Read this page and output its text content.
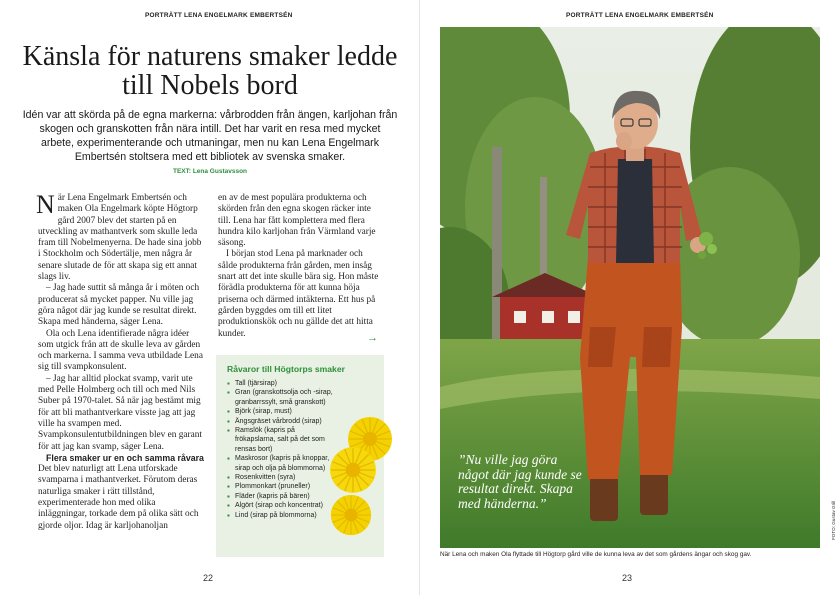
PORTRÄTT LENA ENGELMARK EMBERTSÉN
Känsla för naturens smaker ledde till Nobels bord

Idén var att skörda på de egna markerna: vårbrodden från ängen, karljohan från skogen och granskotten från nära intill. Det har varit en resa med mycket arbete, experimenterande och utmaningar, men nu kan Lena Engelmark Embertsén stoltsera med ett bibliotek av svenska smaker.

TEXT: Lena Gustavsson

När Lena Engelmark Embertsén och maken Ola Engelmark köpte Högtorp gård 2007 blev det starten på en utveckling av mathantverk som skulle leda fram till Nobelmenyerna. De hade sina jobb i Stockholm och Södertälje, men några år senare slutade de för att skapa sig ett annat slags liv.

– Jag hade suttit så många år i möten och producerat så mycket papper. Nu ville jag göra något där jag kunde se resultat direkt. Skapa med händerna, säger Lena.

Ola och Lena identifierade några idéer som utgick från att de skulle leva av gården och markerna. I samma veva utbildade Lena sig till svampkonsulent.

– Jag har alltid plockat svamp, varit ute med Pelle Holmberg och till och med Nils Suber på 1970-talet. Så när jag bestämt mig för att bli mathantverkare visste jag att jag ville ha svampen med. Svampkonsulentutbildningen blev en garant för att jag kan svamp, säger Lena.

Flera smaker ur en och samma råvara

Det blev naturligt att Lena utforskade svamparna i mathantverket. Förutom deras naturliga smaker i rätt tillstånd, experimenterade hon med olika inläggningar, torkade dem på olika sätt och gjorde oljor. Idag är karljohanoljan

en av de mest populära produkterna och skörden från den egna skogen räcker inte till. Lena har fått komplettera med flera hundra kilo karljohan från Värmland varje säsong.

I början stod Lena på marknader och sålde produkterna från gården, men insåg snart att det inte skulle bära sig. Hon måste förädla produkterna för att kunna höja priserna och därmed intäkterna. Ett hus på gården byggdes om till ett litet produktionskök och nu gällde det att hitta kunder.	→
Råvaror till Högtorps smaker
▪ Tall (tjärsirap)
▪ Gran (granskottsolja och -sirap, granbarrssylt, små granskott)
▪ Björk (sirap, must)
▪ Ängsgräset vårbrodd (sirap)
▪ Ramslök (kapris på frökapslarna, salt på det som rensas bort)
▪ Maskrosor (kapris på knoppar, sirap och olja på blommorna)
▪ Rosenkvitten (syra)
▪ Plommonkart (pruneller)
▪ Fläder (kapris på bären)
▪ Algört (sirap och koncentrat)
▪ Lind (sirap på blommorna)
22
PORTRÄTT LENA ENGELMARK EMBERTSÉN
”Nu ville jag göra något där jag kunde se resultat direkt. Skapa med händerna.”	FOTO: Gustav Grill
När Lena och maken Ola flyttade till Högtorp gård ville de kunna leva av det som gårdens ängar och skog gav.
23
